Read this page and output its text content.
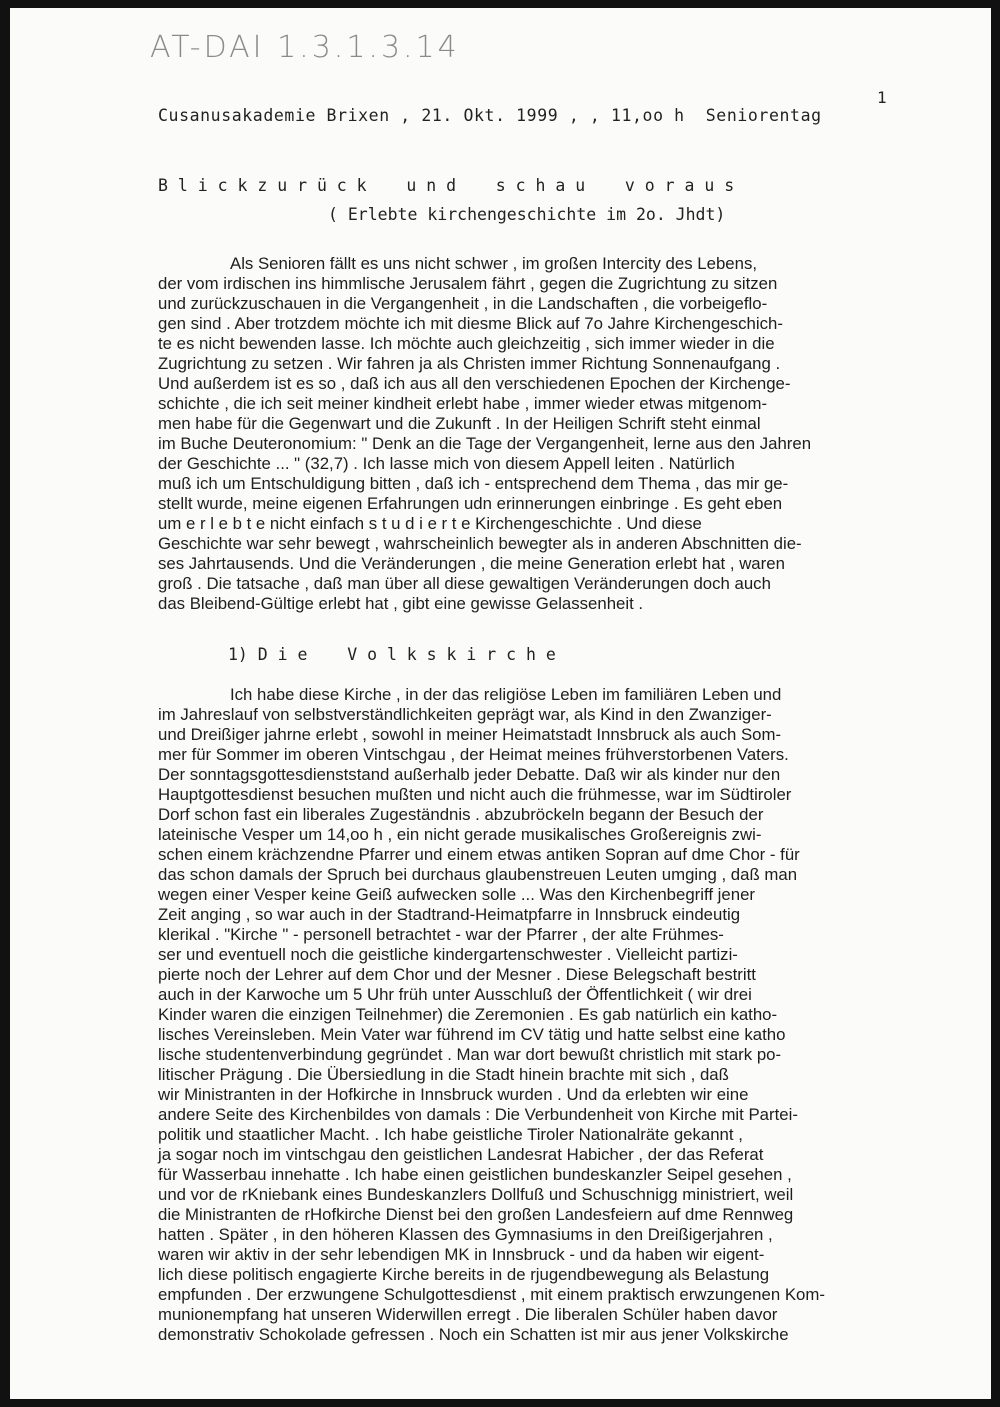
AT-DAI 1.3.1.3.14
1
Cusanusakademie Brixen , 21. Okt. 1999 , , 11,oo h  Seniorentag
B l i c k z u r ü c k    u n d    s c h a u    v o r a u s
( Erlebte kirchengeschichte im 2o. Jhdt)
Als Senioren fällt es uns nicht schwer , im großen Intercity des Lebens,
der vom irdischen ins himmlische Jerusalem fährt , gegen die Zugrichtung zu sitzen
und zurückzuschauen in die Vergangenheit , in die Landschaften , die vorbeigeflo-
gen sind . Aber trotzdem möchte ich mit diesme Blick auf 7o Jahre Kirchengeschich-
te es nicht bewenden lasse. Ich möchte auch gleichzeitig , sich immer wieder in die
Zugrichtung zu setzen . Wir fahren ja als Christen immer Richtung Sonnenaufgang .
Und außerdem ist es so , daß ich aus all den verschiedenen Epochen der Kirchenge-
schichte , die ich seit meiner kindheit erlebt habe , immer wieder etwas mitgenom-
men habe für die Gegenwart und die Zukunft . In der Heiligen Schrift steht einmal
im Buche Deuteronomium: " Denk an die Tage der Vergangenheit, lerne aus den Jahren
der Geschichte ... " (32,7) . Ich lasse mich von diesem Appell leiten . Natürlich
muß ich um Entschuldigung bitten , daß ich - entsprechend dem Thema , das mir ge-
stellt wurde, meine eigenen Erfahrungen udn erinnerungen einbringe . Es geht eben
um e r l e b t e nicht einfach s t u d i e r t e Kirchengeschichte . Und diese
Geschichte war sehr bewegt , wahrscheinlich bewegter als in anderen Abschnitten die-
ses Jahrtausends. Und die Veränderungen , die meine Generation erlebt hat , waren
groß . Die tatsache , daß man über all diese gewaltigen Veränderungen doch auch
das Bleibend-Gültige erlebt hat , gibt eine gewisse Gelassenheit .
1) D i e    V o l k s k i r c h e
Ich habe diese Kirche , in der das religiöse Leben im familiären Leben und
im Jahreslauf von selbstverständlichkeiten geprägt war, als Kind in den Zwanziger-
und Dreißiger jahrne erlebt , sowohl in meiner Heimatstadt Innsbruck als auch Som-
mer für Sommer im oberen Vintschgau , der Heimat meines frühverstorbenen Vaters.
Der sonntagsgottesdienststand außerhalb jeder Debatte. Daß wir als kinder nur den
Hauptgottesdienst besuchen mußten und nicht auch die frühmesse, war im Südtiroler
Dorf schon fast ein liberales Zugeständnis . abzubröckeln begann der Besuch der
lateinische Vesper um 14,oo h , ein nicht gerade musikalisches Großereignis zwi-
schen einem krächzendne Pfarrer und einem etwas antiken Sopran auf dme Chor - für
das schon damals der Spruch bei durchaus glaubenstreuen Leuten umging , daß man
wegen einer Vesper keine Geiß aufwecken solle ... Was den Kirchenbegriff jener
Zeit anging , so war auch in der Stadtrand-Heimatpfarre in Innsbruck eindeutig
klerikal . "Kirche " - personell betrachtet - war der Pfarrer , der alte Frühmes-
ser und eventuell noch die geistliche kindergartenschwester . Vielleicht partizi-
pierte noch der Lehrer auf dem Chor und der Mesner . Diese Belegschaft bestritt
auch in der Karwoche um 5 Uhr früh unter Ausschluß der Öffentlichkeit ( wir drei
Kinder waren die einzigen Teilnehmer) die Zeremonien . Es gab natürlich ein katho-
lisches Vereinsleben. Mein Vater war führend im CV tätig und hatte selbst eine katho
lische studentenverbindung gegründet . Man war dort bewußt christlich mit stark po-
litischer Prägung . Die Übersiedlung in die Stadt hinein brachte mit sich , daß
wir Ministranten in der Hofkirche in Innsbruck wurden . Und da erlebten wir eine
andere Seite des Kirchenbildes von damals : Die Verbundenheit von Kirche mit Partei-
politik und staatlicher Macht. . Ich habe geistliche Tiroler Nationalräte gekannt ,
ja sogar noch im vintschgau den geistlichen Landesrat Habicher , der das Referat
für Wasserbau innehatte . Ich habe einen geistlichen bundeskanzler Seipel gesehen ,
und vor de rKniebank eines Bundeskanzlers Dollfuß und Schuschnigg ministriert, weil
die Ministranten de rHofkirche Dienst bei den großen Landesfeiern auf dme Rennweg
hatten . Später , in den höheren Klassen des Gymnasiums in den Dreißigerjahren ,
waren wir aktiv in der sehr lebendigen MK in Innsbruck - und da haben wir eigent-
lich diese politisch engagierte Kirche bereits in de rjugendbewegung als Belastung
empfunden . Der erzwungene Schulgottesdienst , mit einem praktisch erwzungenen Kom-
munionempfang hat unseren Widerwillen erregt . Die liberalen Schüler haben davor
demonstrativ Schokolade gefressen . Noch ein Schatten ist mir aus jener Volkskirche
